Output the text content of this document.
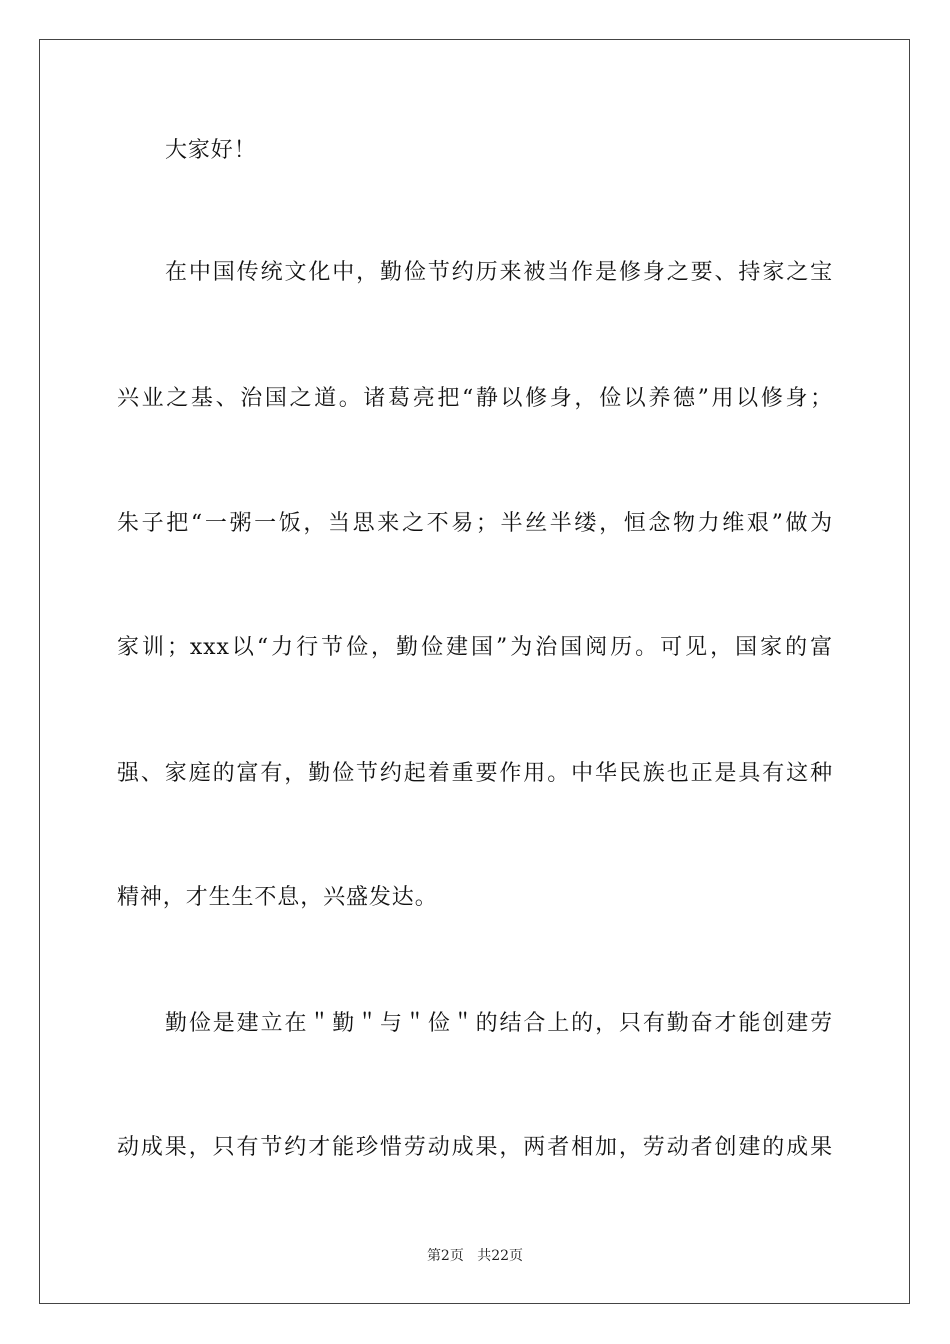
大家好！
在中国传统文化中，勤俭节约历来被当作是修身之要、持家之宝
兴业之基、治国之道。诸葛亮把“静以修身，俭以养德”用以修身；
朱子把“一粥一饭，当思来之不易；半丝半缕，恒念物力维艰”做为
家训；xxx以“力行节俭，勤俭建国”为治国阅历。可见，国家的富
强、家庭的富有，勤俭节约起着重要作用。中华民族也正是具有这种
精神，才生生不息，兴盛发达。
勤俭是建立在＂勤＂与＂俭＂的结合上的，只有勤奋才能创建劳
动成果，只有节约才能珍惜劳动成果，两者相加，劳动者创建的成果
第2页 共22页
